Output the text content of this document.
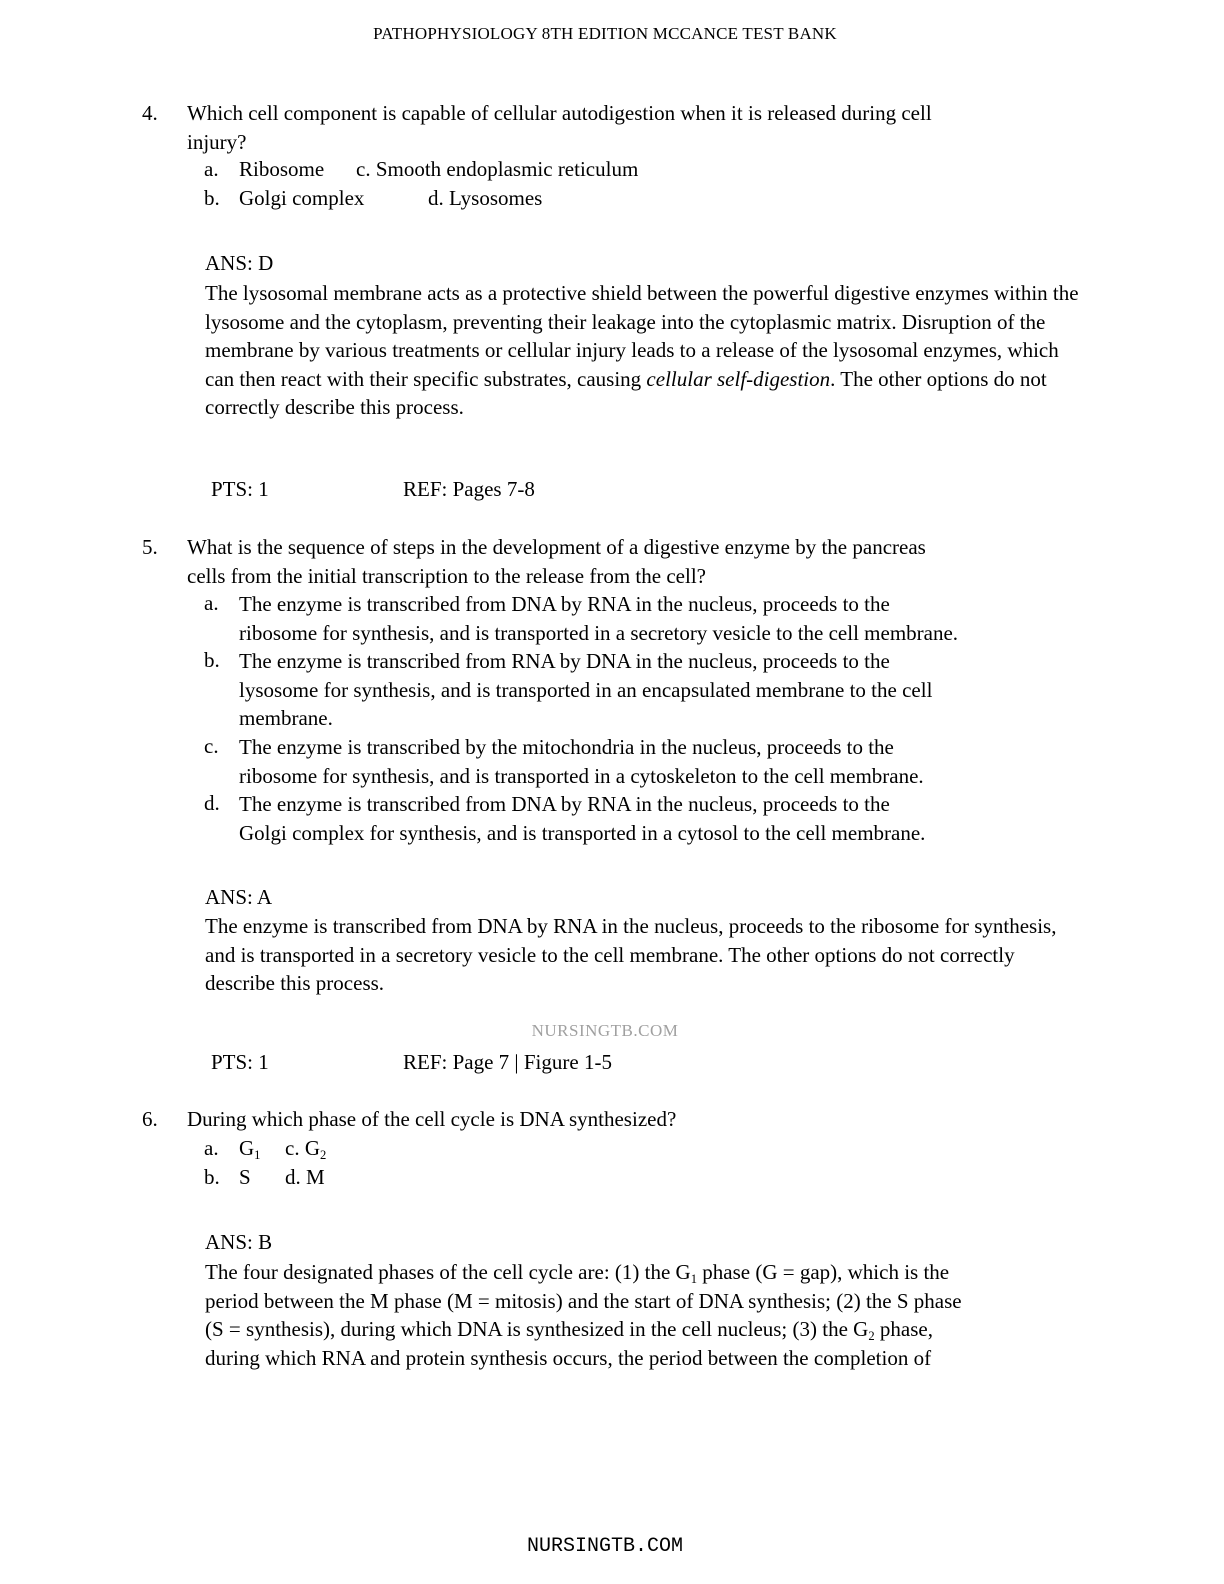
PATHOPHYSIOLOGY 8TH EDITION MCCANCE TEST BANK
4. Which cell component is capable of cellular autodigestion when it is released during cell
injury?
a. Ribosome c. Smooth endoplasmic reticulum
b. Golgi complex	d. Lysosomes
ANS: D
The lysosomal membrane acts as a protective shield between the powerful digestive enzymes within the lysosome and the cytoplasm, preventing their leakage into the cytoplasmic matrix. Disruption of the membrane by various treatments or cellular injury leads to a release of the lysosomal enzymes, which can then react with their specific substrates, causing cellular self-digestion. The other options do not correctly describe this process.
PTS: 1	REF: Pages 7-8
5. What is the sequence of steps in the development of a digestive enzyme by the pancreas
cells from the initial transcription to the release from the cell?
a. The enzyme is transcribed from DNA by RNA in the nucleus, proceeds to the
ribosome for synthesis, and is transported in a secretory vesicle to the cell membrane.
b. The enzyme is transcribed from RNA by DNA in the nucleus, proceeds to the
lysosome for synthesis, and is transported in an encapsulated membrane to the cell
membrane.
c. The enzyme is transcribed by the mitochondria in the nucleus, proceeds to the
ribosome for synthesis, and is transported in a cytoskeleton to the cell membrane.
d. The enzyme is transcribed from DNA by RNA in the nucleus, proceeds to the
Golgi complex for synthesis, and is transported in a cytosol to the cell membrane.
ANS: A
The enzyme is transcribed from DNA by RNA in the nucleus, proceeds to the ribosome for synthesis, and is transported in a secretory vesicle to the cell membrane. The other options do not correctly describe this process.
NURSINGTB.COM
PTS: 1	REF: Page 7 | Figure 1-5
6. During which phase of the cell cycle is DNA synthesized?
a. $G_1$ c. $G_2$
b. S d. M
ANS: B
The four designated phases of the cell cycle are: (1) the $G_1$ phase (G = gap), which is the
period between the M phase (M = mitosis) and the start of DNA synthesis; (2) the S phase
(S = synthesis), during which DNA is synthesized in the cell nucleus; (3) the $G_2$ phase,
during which RNA and protein synthesis occurs, the period between the completion of
NURSINGTB.COM
